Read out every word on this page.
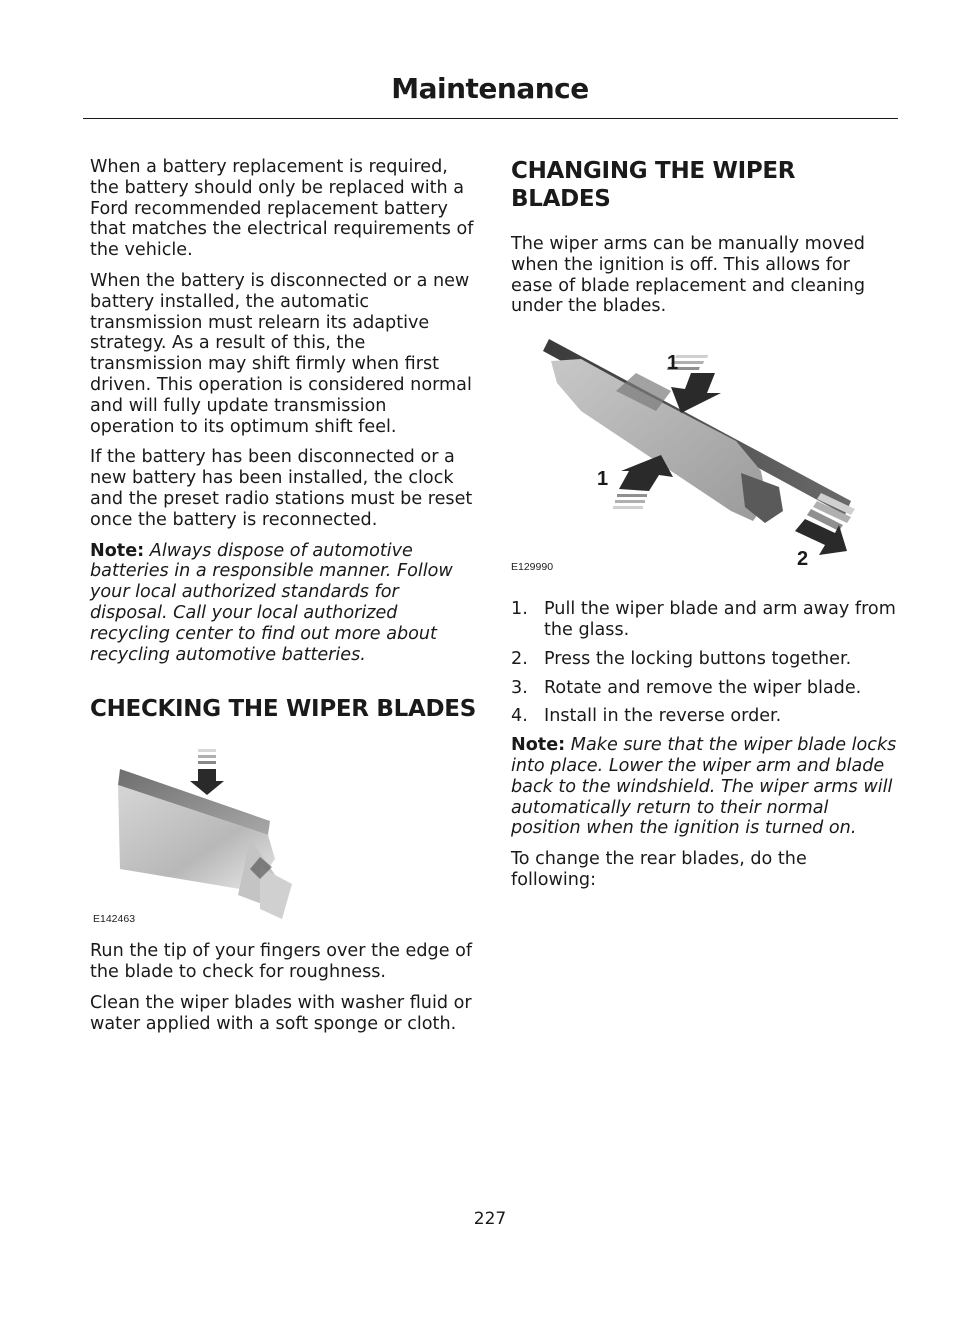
Maintenance

When a battery replacement is required, the battery should only be replaced with a Ford recommended replacement battery that matches the electrical requirements of the vehicle.

When the battery is disconnected or a new battery installed, the automatic transmission must relearn its adaptive strategy. As a result of this, the transmission may shift firmly when first driven. This operation is considered normal and will fully update transmission operation to its optimum shift feel.

If the battery has been disconnected or a new battery has been installed, the clock and the preset radio stations must be reset once the battery is reconnected.

Note: Always dispose of automotive batteries in a responsible manner. Follow your local authorized standards for disposal. Call your local authorized recycling center to find out more about recycling automotive batteries.

CHECKING THE WIPER BLADES
E142463

Run the tip of your fingers over the edge of the blade to check for roughness.

Clean the wiper blades with washer fluid or water applied with a soft sponge or cloth.

CHANGING THE WIPER BLADES

The wiper arms can be manually moved when the ignition is off. This allows for ease of blade replacement and cleaning under the blades.

1
1
2
E129990
1. Pull the wiper blade and arm away from the glass.
2. Press the locking buttons together.
3. Rotate and remove the wiper blade.
4. Install in the reverse order.

Note: Make sure that the wiper blade locks into place. Lower the wiper arm and blade back to the windshield. The wiper arms will automatically return to their normal position when the ignition is turned on.

To change the rear blades, do the following:

227
